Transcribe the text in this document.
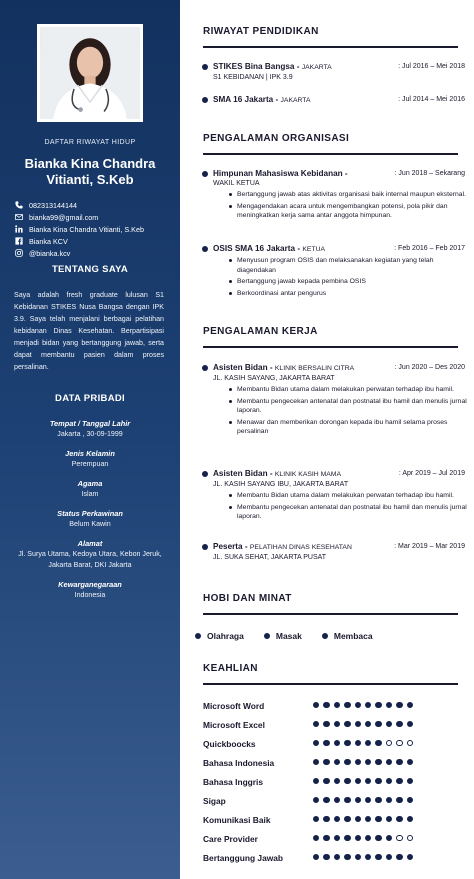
DAFTAR RIWAYAT HIDUP
Bianka Kina Chandra
Vitianti, S.Keb
082313144144
bianka99@gmail.com
Bianka Kina Chandra Vitianti, S.Keb
Bianka KCV
@bianka.kcv
TENTANG SAYA
Saya adalah fresh graduate lulusan S1 Kebidanan STIKES Nusa Bangsa dengan IPK 3.9. Saya telah menjalani berbagai pelatihan kebidanan Dinas Kesehatan. Berpartisipasi menjadi bidan yang bertanggung jawab, serta dapat membantu pasien dalam proses persalinan.
DATA PRIBADI
Tempat / Tanggal Lahir
Jakarta , 30-09-1999
Jenis Kelamin
Perempuan
Agama
Islam
Status Perkawinan
Belum Kawin
Alamat
Jl. Surya Utama, Kedoya Utara, Kebon Jeruk, Jakarta Barat, DKI Jakarta
Kewarganegaraan
Indonesia
RIWAYAT PENDIDIKAN
STIKES Bina Bangsa - JAKARTA	: Jul 2016 – Mei 2018
S1 KEBIDANAN | IPK 3.9
SMA 16 Jakarta - JAKARTA	: Jul 2014 – Mei 2016
PENGALAMAN ORGANISASI
Himpunan Mahasiswa Kebidanan -	: Jun 2018 – Sekarang
WAKIL KETUA
Bertanggung jawab atas aktivitas organisasi baik internal maupun eksternal.
Mengagendakan acara untuk mengembangkan potensi, pola pikir dan meningkatkan kerja sama antar anggota himpunan.
OSIS SMA 16 Jakarta - KETUA	: Feb 2016 – Feb 2017
Menyusun program OSIS dan melaksanakan kegiatan yang telah diagendakan
Bertanggung jawab kepada pembina OSIS
Berkoordinasi antar pengurus
PENGALAMAN KERJA
Asisten Bidan - KLINIK BERSALIN CITRA	: Jun 2020 – Des 2020
JL. KASIH SAYANG, JAKARTA BARAT
Membantu Bidan utama dalam melakukan perwatan terhadap ibu hamil.
Membantu pengecekan antenatal dan postnatal ibu hamil dan menulis jurnal laporan.
Menawar dan memberikan dorongan kepada ibu hamil selama proses persalinan
Asisten Bidan - KLINIK KASIH MAMA	: Apr 2019 – Jul 2019
JL. KASIH SAYANG IBU, JAKARTA BARAT
Membantu Bidan utama dalam melakukan perwatan terhadap ibu hamil.
Membantu pengecekan antenatal dan postnatal ibu hamil dan menulis jurnal laporan.
Peserta - PELATIHAN DINAS KESEHATAN	: Mar 2019 – Mar 2019
JL. SUKA SEHAT, JAKARTA PUSAT
HOBI DAN MINAT
Olahraga	Masak	Membaca
KEAHLIAN
Microsoft Word
Microsoft Excel
Quickboocks
Bahasa Indonesia
Bahasa Inggris
Sigap
Komunikasi Baik
Care Provider
Bertanggung Jawab
